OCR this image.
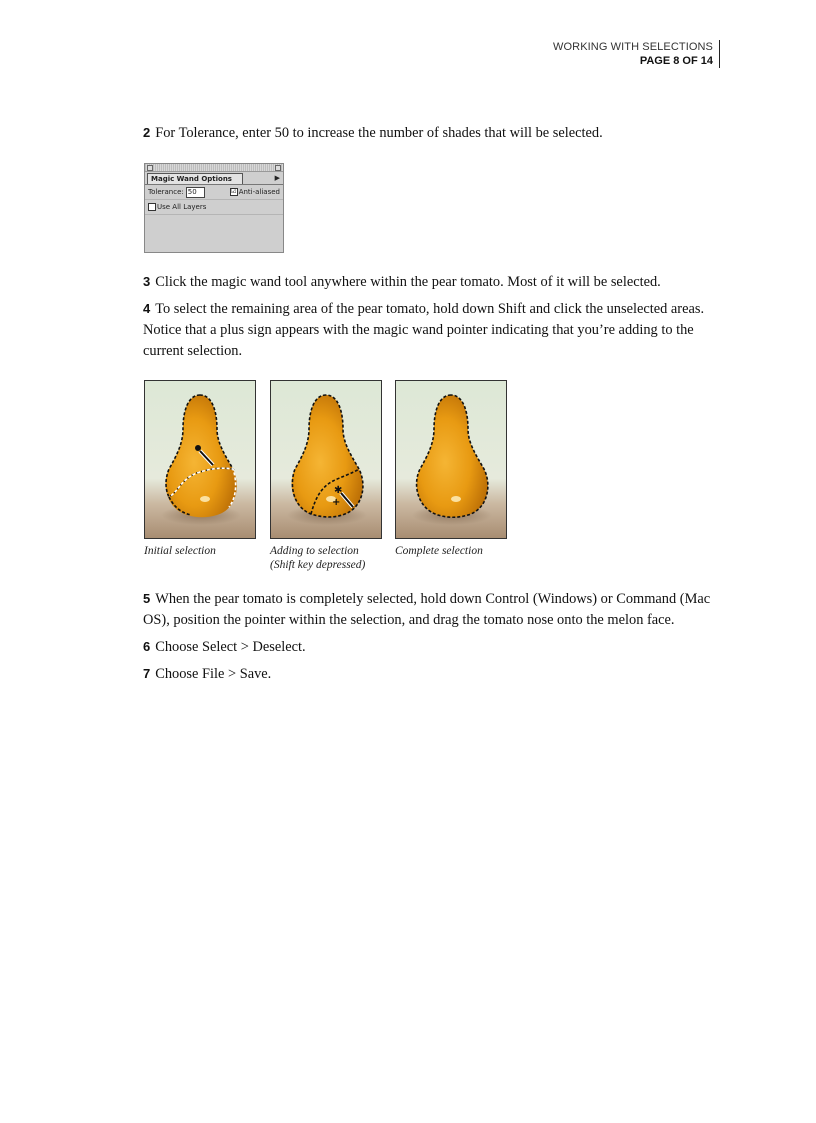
WORKING WITH SELECTIONS
PAGE 8 OF 14

2 For Tolerance, enter 50 to increase the number of shades that will be selected.

Magic Wand Options	▶
Tolerance: 50	☑ Anti-aliased
Use All Layers

3 Click the magic wand tool anywhere within the pear tomato. Most of it will be selected.

4 To select the remaining area of the pear tomato, hold down Shift and click the unselected areas. Notice that a plus sign appears with the magic wand pointer indicating that you’re adding to the current selection.

✱
+
Initial selection	Adding to selection
(Shift key depressed)
Complete selection

5 When the pear tomato is completely selected, hold down Control (Windows) or Command (Mac OS), position the pointer within the selection, and drag the tomato nose onto the melon face.

6 Choose Select > Deselect.

7 Choose File > Save.
